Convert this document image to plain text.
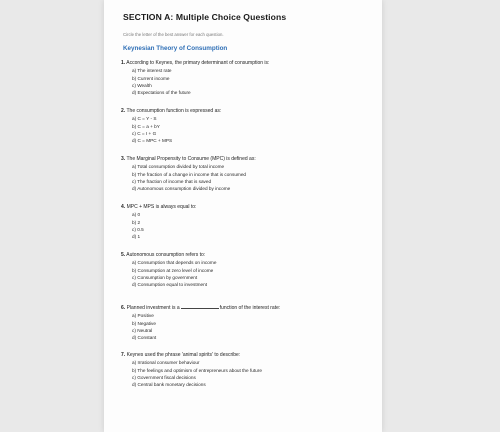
SECTION A: Multiple Choice Questions
Circle the letter of the best answer for each question.
Keynesian Theory of Consumption
1. According to Keynes, the primary determinant of consumption is:
a) The interest rate
b) Current income
c) Wealth
d) Expectations of the future
2. The consumption function is expressed as:
a) C = Y - S
b) C = a + bY
c) C = I + G
d) C = MPC + MPS
3. The Marginal Propensity to Consume (MPC) is defined as:
a) Total consumption divided by total income
b) The fraction of a change in income that is consumed
c) The fraction of income that is saved
d) Autonomous consumption divided by income
4. MPC + MPS is always equal to:
a) 0
b) 2
c) 0.5
d) 1
5. Autonomous consumption refers to:
a) Consumption that depends on income
b) Consumption at zero level of income
c) Consumption by government
d) Consumption equal to investment
6. Planned investment is a	function of the interest rate:
a) Positive
b) Negative
c) Neutral
d) Constant
7. Keynes used the phrase 'animal spirits' to describe:
a) Irrational consumer behaviour
b) The feelings and optimism of entrepreneurs about the future
c) Government fiscal decisions
d) Central bank monetary decisions
